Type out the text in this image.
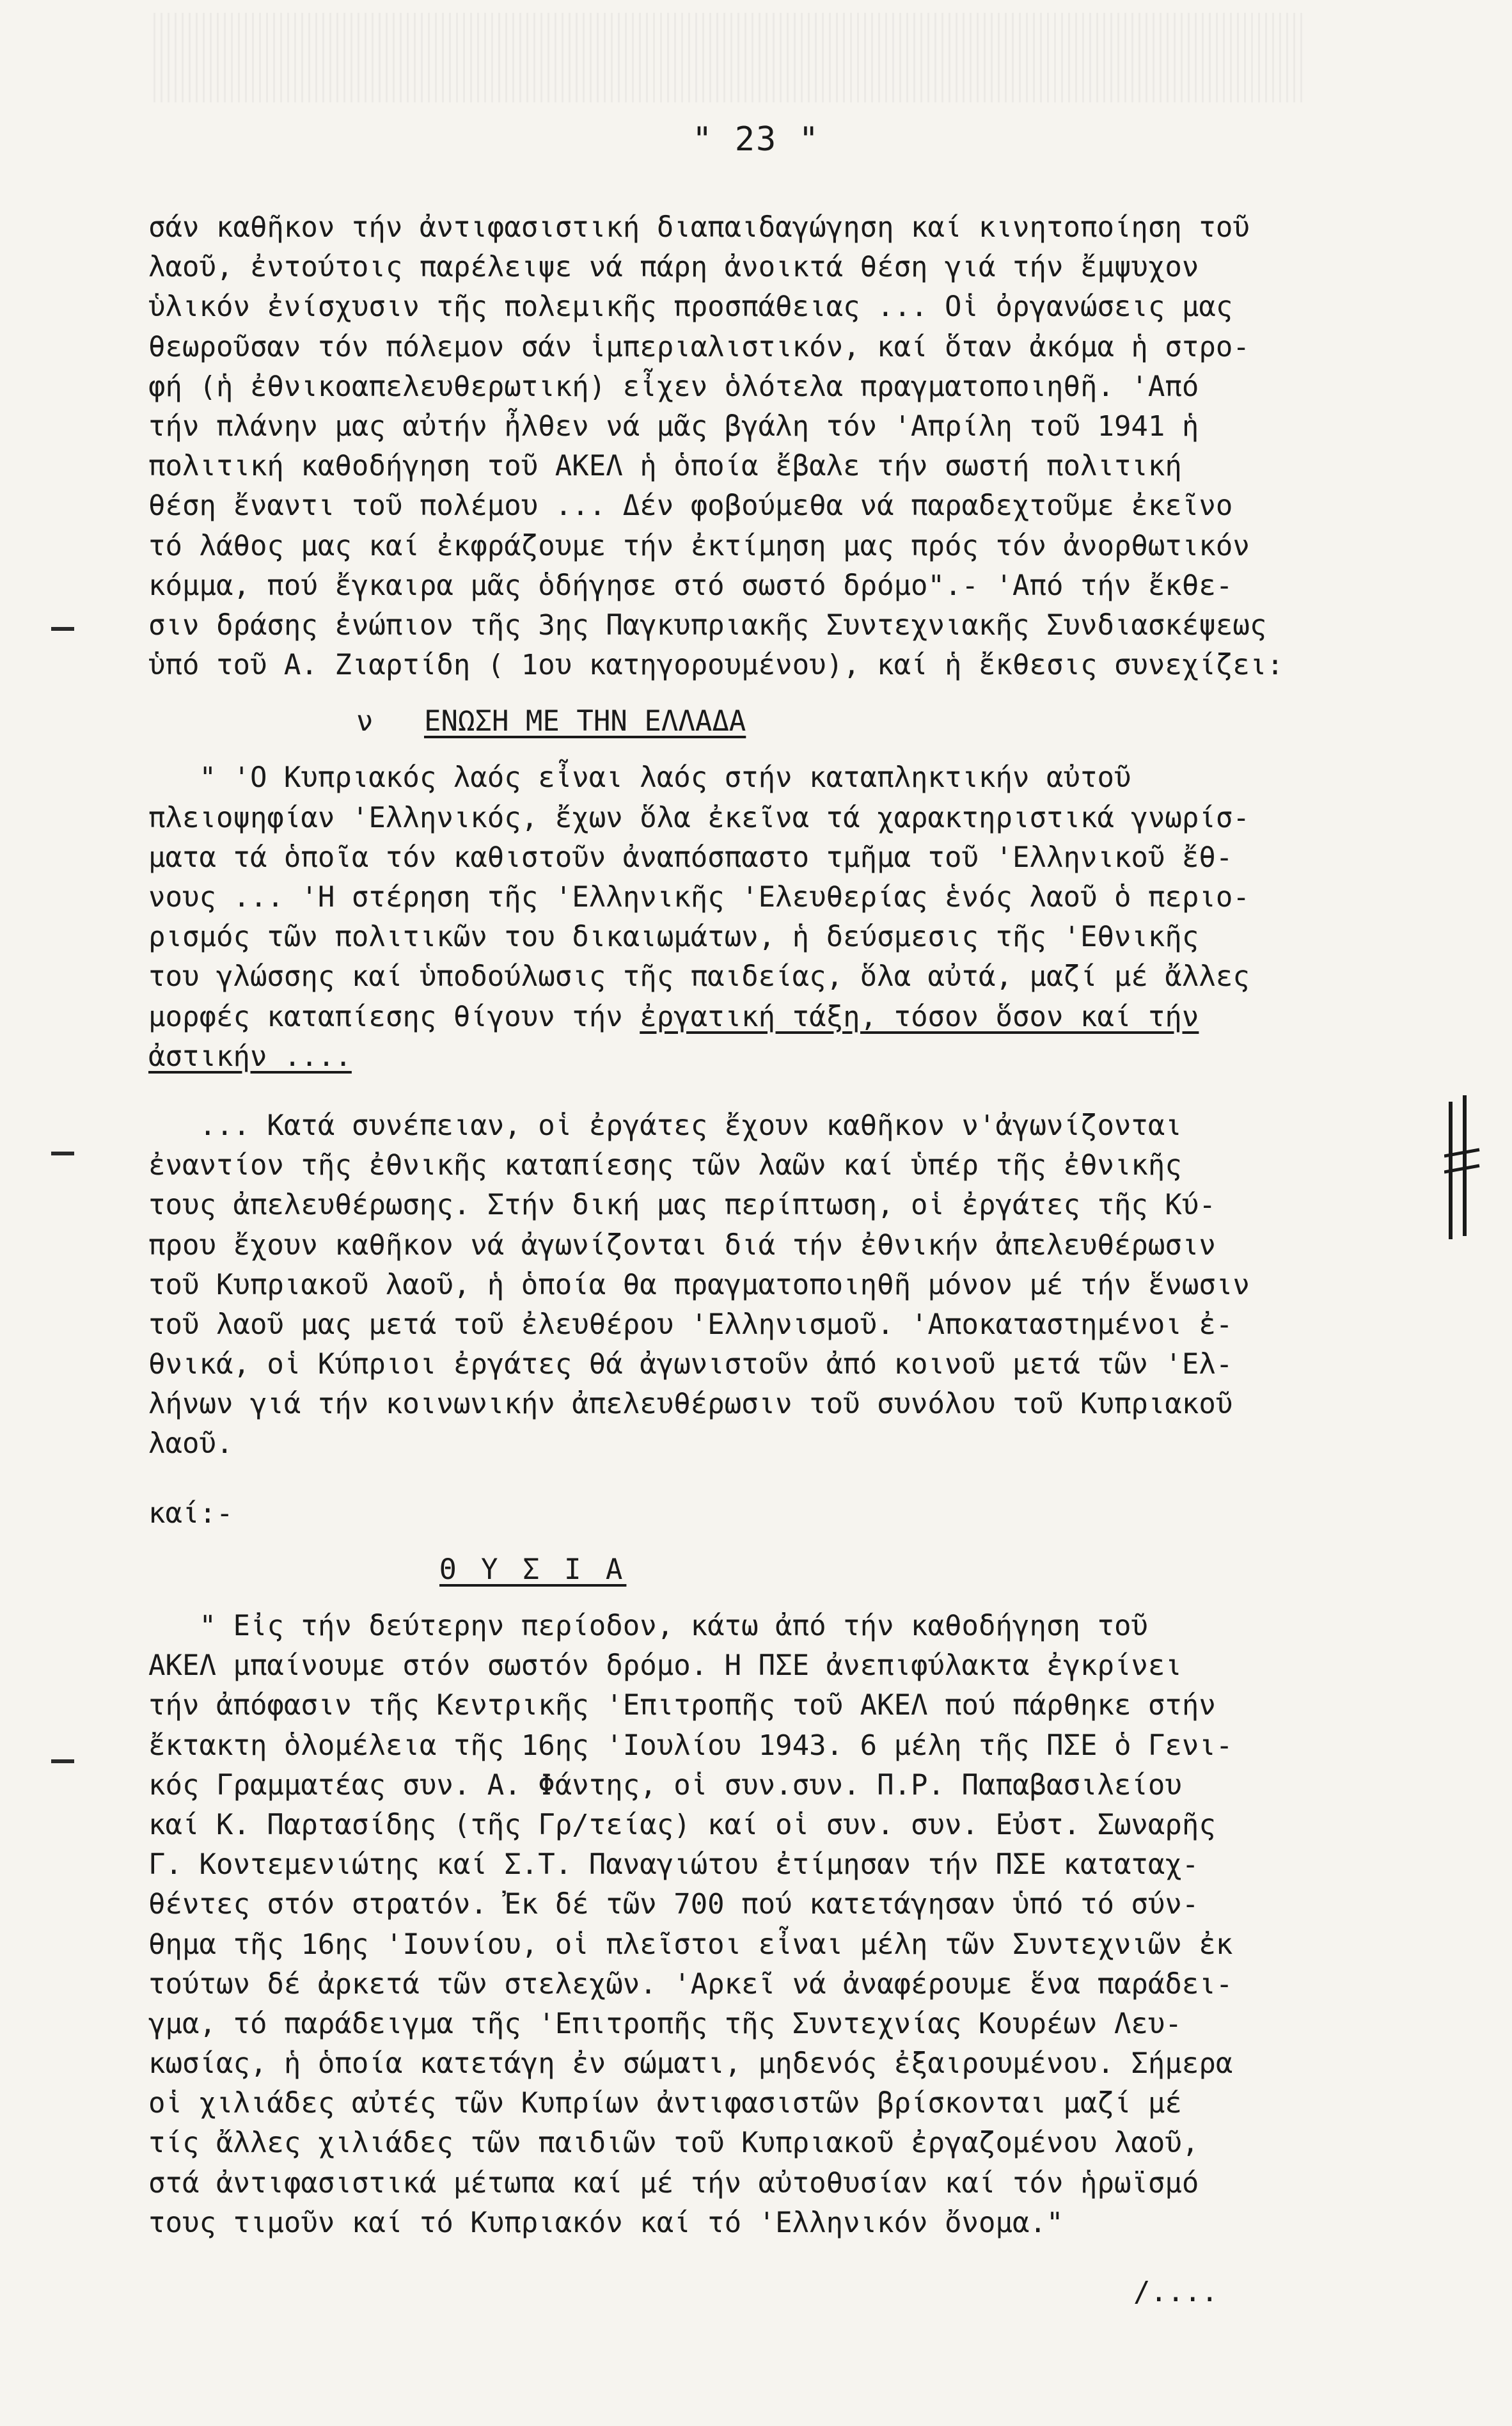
" 23 "
σάν καθῆκον τήν ἀντιφασιστική διαπαιδαγώγηση καί κινητοποίηση τοῦ
λαοῦ, ἐντούτοις παρέλειψε νά πάρη ἀνοικτά θέση γιά τήν ἔμψυχον
ὑλικόν ἐνίσχυσιν τῆς πολεμικῆς προσπάθειας ... Οἱ ὀργανώσεις μας
θεωροῦσαν τόν πόλεμον σάν ἱμπεριαλιστικόν, καί ὅταν ἀκόμα ἡ στρο-
φή (ἡ ἐθνικοαπελευθερωτική) εἶχεν ὁλότελα πραγματοποιηθῆ. 'Από
τήν πλάνην μας αὐτήν ἦλθεν νά μᾶς βγάλη τόν 'Απρίλη τοῦ 1941 ἡ
πολιτική καθοδήγηση τοῦ ΑΚΕΛ ἡ ὁποία ἔβαλε τήν σωστή πολιτική
θέση ἔναντι τοῦ πολέμου ... Δέν φοβούμεθα νά παραδεχτοῦμε ἐκεῖνο
τό λάθος μας καί ἐκφράζουμε τήν ἐκτίμηση μας πρός τόν ἀνορθωτικόν
κόμμα, πού ἔγκαιρα μᾶς ὁδήγησε στό σωστό δρόμο".- 'Από τήν ἔκθε-
σιν δράσης ἐνώπιον τῆς 3ης Παγκυπριακῆς Συντεχνιακῆς Συνδιασκέψεως
ὑπό τοῦ Α. Ζιαρτίδη ( 1ου κατηγορουμένου), καί ἡ ἔκθεσις συνεχίζει:
ν ΕΝΩΣΗ ΜΕ ΤΗΝ ΕΛΛΑΔΑ
" 'Ο Κυπριακός λαός εἶναι λαός στήν καταπληκτικήν αὐτοῦ
πλειοψηφίαν 'Ελληνικός, ἔχων ὅλα ἐκεῖνα τά χαρακτηριστικά γνωρίσ-
ματα τά ὁποῖα τόν καθιστοῦν ἀναπόσπαστο τμῆμα τοῦ 'Ελληνικοῦ ἔθ-
νους ... 'Η στέρηση τῆς 'Ελληνικῆς 'Ελευθερίας ἑνός λαοῦ ὁ περιο-
ρισμός τῶν πολιτικῶν του δικαιωμάτων, ἡ δεύσμεσις τῆς 'Εθνικῆς
του γλώσσης καί ὑποδούλωσις τῆς παιδείας, ὅλα αὐτά, μαζί μέ ἄλλες
μορφές καταπίεσης θίγουν τήν ἐργατική τάξη, τόσον ὅσον καί τήν
ἀστικήν ....
... Κατά συνέπειαν, οἱ ἐργάτες ἔχουν καθῆκον ν'ἀγωνίζονται
ἐναντίον τῆς ἐθνικῆς καταπίεσης τῶν λαῶν καί ὑπέρ τῆς ἐθνικῆς
τους ἀπελευθέρωσης. Στήν δική μας περίπτωση, οἱ ἐργάτες τῆς Κύ-
πρου ἔχουν καθῆκον νά ἀγωνίζονται διά τήν ἐθνικήν ἀπελευθέρωσιν
τοῦ Κυπριακοῦ λαοῦ, ἡ ὁποία θα πραγματοποιηθῆ μόνον μέ τήν ἕνωσιν
τοῦ λαοῦ μας μετά τοῦ ἐλευθέρου 'Ελληνισμοῦ. 'Αποκαταστημένοι ἐ-
θνικά, οἱ Κύπριοι ἐργάτες θά ἀγωνιστοῦν ἀπό κοινοῦ μετά τῶν 'Ελ-
λήνων γιά τήν κοινωνικήν ἀπελευθέρωσιν τοῦ συνόλου τοῦ Κυπριακοῦ
λαοῦ.
καί:-
Θ Υ Σ Ι Α
" Εἰς τήν δεύτερην περίοδον, κάτω ἀπό τήν καθοδήγηση τοῦ
ΑΚΕΛ μπαίνουμε στόν σωστόν δρόμο. Η ΠΣΕ ἀνεπιφύλακτα ἐγκρίνει
τήν ἀπόφασιν τῆς Κεντρικῆς 'Επιτροπῆς τοῦ ΑΚΕΛ πού πάρθηκε στήν
ἔκτακτη ὁλομέλεια τῆς 16ης 'Ιουλίου 1943. 6 μέλη τῆς ΠΣΕ ὁ Γενι-
κός Γραμματέας συν. Α. Φάντης, οἱ συν.συν. Π.Ρ. Παπαβασιλείου
καί Κ. Παρτασίδης (τῆς Γρ/τείας) καί οἱ συν. συν. Εὐστ. Σωναρῆς
Γ. Κοντεμενιώτης καί Σ.Τ. Παναγιώτου ἐτίμησαν τήν ΠΣΕ καταταχ-
θέντες στόν στρατόν. Ἐκ δέ τῶν 700 πού κατετάγησαν ὑπό τό σύν-
θημα τῆς 16ης 'Ιουνίου, οἱ πλεῖστοι εἶναι μέλη τῶν Συντεχνιῶν ἐκ
τούτων δέ ἀρκετά τῶν στελεχῶν. 'Αρκεῖ νά ἀναφέρουμε ἕνα παράδει-
γμα, τό παράδειγμα τῆς 'Επιτροπῆς τῆς Συντεχνίας Κουρέων Λευ-
κωσίας, ἡ ὁποία κατετάγη ἐν σώματι, μηδενός ἐξαιρουμένου. Σήμερα
οἱ χιλιάδες αὐτές τῶν Κυπρίων ἀντιφασιστῶν βρίσκονται μαζί μέ
τίς ἄλλες χιλιάδες τῶν παιδιῶν τοῦ Κυπριακοῦ ἐργαζομένου λαοῦ,
στά ἀντιφασιστικά μέτωπα καί μέ τήν αὐτοθυσίαν καί τόν ἡρωϊσμό
τους τιμοῦν καί τό Κυπριακόν καί τό 'Ελληνικόν ὄνομα."
/....
